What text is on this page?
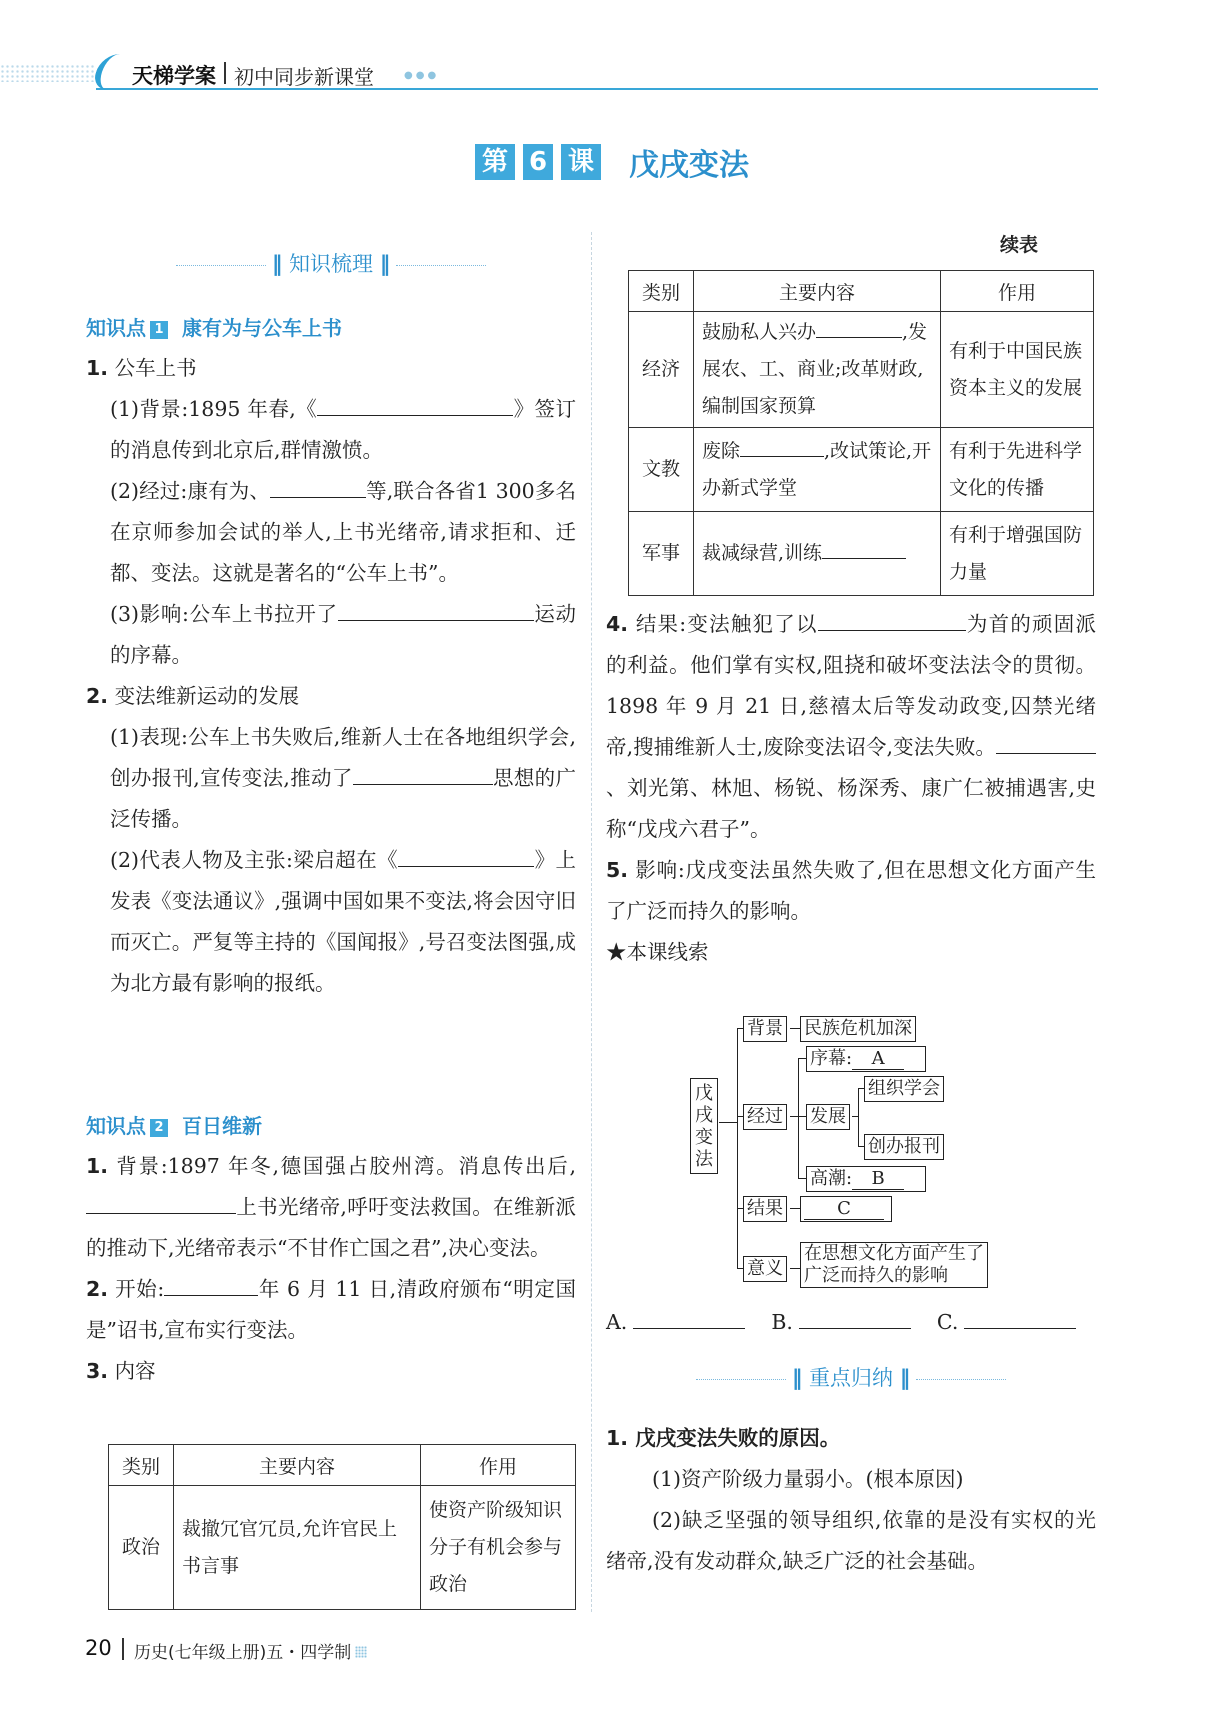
天梯学案 初中同步新课堂	●●●
第 6 课 戊戌变法
‖ 知识梳理 ‖
知识点 1 康有为与公车上书

1. 公车上书

(1)背景:1895 年春,《	》签订的消息传到北京后,群情激愤。

(2)经过:康有为、	等,联合各省1 300多名在京师参加会试的举人,上书光绪帝,请求拒和、迁都、变法。这就是著名的“公车上书”。

(3)影响:公车上书拉开了	运动的序幕。

2. 变法维新运动的发展

(1)表现:公车上书失败后,维新人士在各地组织学会,创办报刊,宣传变法,推动了	思想的广泛传播。

(2)代表人物及主张:梁启超在《	》上发表《变法通议》,强调中国如果不变法,将会因守旧而灭亡。严复等主持的《国闻报》,号召变法图强,成为北方最有影响的报纸。

知识点 2 百日维新

1. 背景:1897 年冬,德国强占胶州湾。消息传出后,上书光绪帝,呼吁变法救国。在维新派的推动下,光绪帝表示“不甘作亡国之君”,决心变法。

2. 开始:	年 6 月 11 日,清政府颁布“明定国是”诏书,宣布实行变法。

3. 内容

类别	主要内容	作用
政治	裁撤冗官冗员,允许官民上书言事	使资产阶级知识分子有机会参与政治
续表
类别	主要内容	作用
经济	鼓励私人兴办 ,发展农、工、商业;改革财政,编制国家预算	有利于中国民族资本主义的发展
文教	废除 ,改试策论,开办新式学堂	有利于先进科学文化的传播
军事	裁减绿营,训练	有利于增强国防力量

4. 结果:变法触犯了以	为首的顽固派的利益。他们掌有实权,阻挠和破坏变法法令的贯彻。1898 年 9 月 21 日,慈禧太后等发动政变,囚禁光绪帝,搜捕维新人士,废除变法诏令,变法失败。、刘光第、林旭、杨锐、杨深秀、康广仁被捕遇害,史称“戊戌六君子”。

5. 影响:戊戌变法虽然失败了,但在思想文化方面产生了广泛而持久的影响。

★本课线索

戊戌变法
背景 民族危机加深
经过
序幕: A
发展
组织学会
创办报刊
高潮: B
结果	C
意义
在思想文化方面产生了
广泛而持久的影响
A.	B.	C.
‖ 重点归纳 ‖

1. 戊戌变法失败的原因。

(1)资产阶级力量弱小。(根本原因)

(2)缺乏坚强的领导组织,依靠的是没有实权的光绪帝,没有发动群众,缺乏广泛的社会基础。

20 历史(七年级上册)五・四学制
